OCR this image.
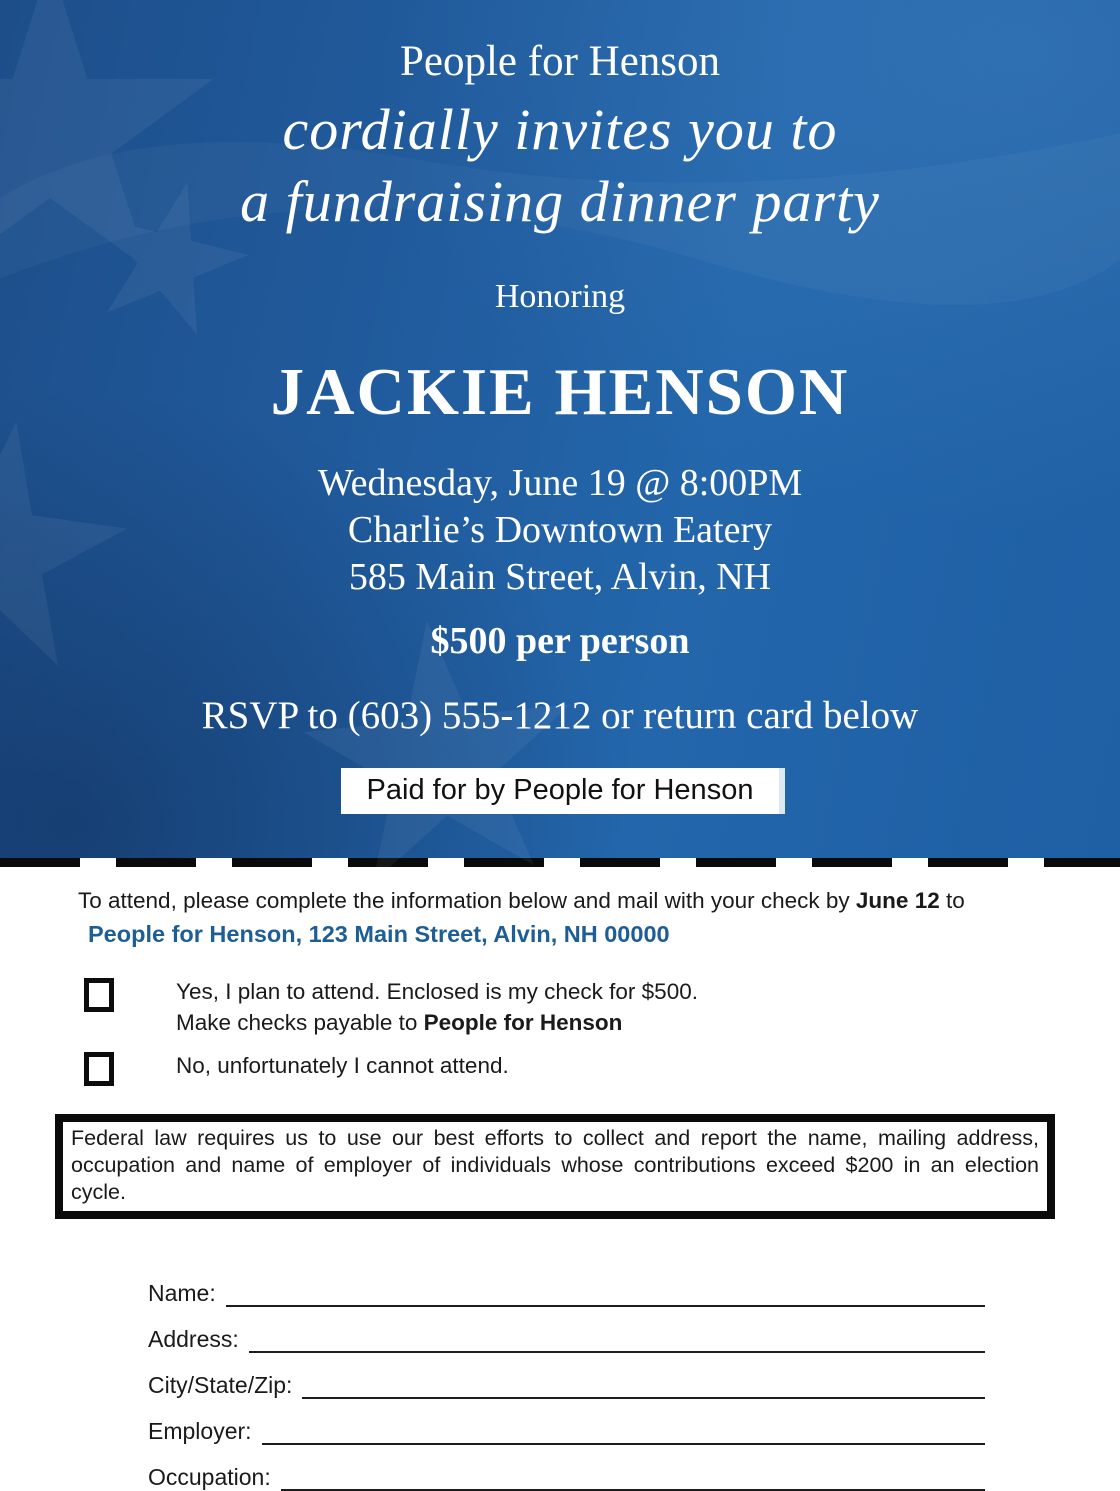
People for Henson
cordially invites you to
a fundraising dinner party
Honoring
JACKIE HENSON
Wednesday, June 19 @ 8:00PM
Charlie’s Downtown Eatery
585 Main Street, Alvin, NH
$500 per person
RSVP to (603) 555-1212 or return card below
Paid for by People for Henson

To attend, please complete the information below and mail with your check by June 12 to

People for Henson, 123 Main Street, Alvin, NH 00000

Yes, I plan to attend. Enclosed is my check for $500.
Make checks payable to People for Henson
No, unfortunately I cannot attend.

Federal law requires us to use our best efforts to collect and report the name, mailing address, occupation and name of employer of individuals whose contributions exceed $200 in an election cycle.

Name:
Address:
City/State/Zip:
Employer:
Occupation:
